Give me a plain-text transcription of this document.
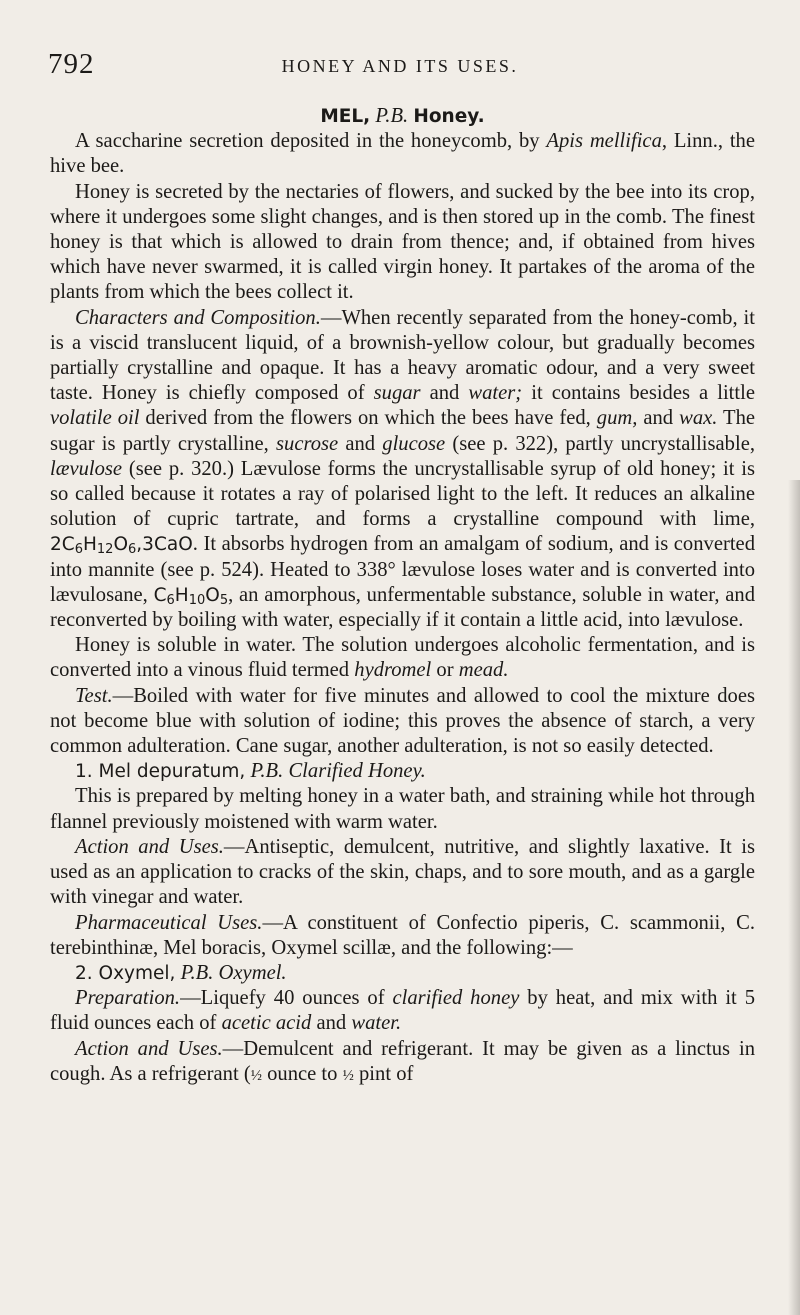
792	HONEY AND ITS USES.

MEL, P.B. Honey.

A saccharine secretion deposited in the honeycomb, by Apis mellifica, Linn., the hive bee.

Honey is secreted by the nectaries of flowers, and sucked by the bee into its crop, where it undergoes some slight changes, and is then stored up in the comb. The finest honey is that which is allowed to drain from thence; and, if obtained from hives which have never swarmed, it is called virgin honey. It partakes of the aroma of the plants from which the bees collect it.

Characters and Composition.—When recently separated from the honey-comb, it is a viscid translucent liquid, of a brownish-yellow colour, but gradually becomes partially crystalline and opaque. It has a heavy aromatic odour, and a very sweet taste. Honey is chiefly composed of sugar and water; it contains besides a little volatile oil derived from the flowers on which the bees have fed, gum, and wax. The sugar is partly crystalline, sucrose and glucose (see p. 322), partly uncrystallisable, lævulose (see p. 320.) Lævulose forms the uncrystallisable syrup of old honey; it is so called because it rotates a ray of polarised light to the left. It reduces an alkaline solution of cupric tartrate, and forms a crystalline compound with lime, $2C_6H_{12}O_6,3CaO$. It absorbs hydrogen from an amalgam of sodium, and is converted into mannite (see p. 524). Heated to 338° lævulose loses water and is converted into lævulosane, $C_6H_{10}O_5$, an amorphous, unfermentable substance, soluble in water, and reconverted by boiling with water, especially if it contain a little acid, into lævulose.

Honey is soluble in water. The solution undergoes alcoholic fermentation, and is converted into a vinous fluid termed hydromel or mead.

Test.—Boiled with water for five minutes and allowed to cool the mixture does not become blue with solution of iodine; this proves the absence of starch, a very common adulteration. Cane sugar, another adulteration, is not so easily detected.

1. Mel depuratum, P.B. Clarified Honey.

This is prepared by melting honey in a water bath, and straining while hot through flannel previously moistened with warm water.

Action and Uses.—Antiseptic, demulcent, nutritive, and slightly laxative. It is used as an application to cracks of the skin, chaps, and to sore mouth, and as a gargle with vinegar and water.

Pharmaceutical Uses.—A constituent of Confectio piperis, C. scammonii, C. terebinthinæ, Mel boracis, Oxymel scillæ, and the following:—

2. Oxymel, P.B. Oxymel.

Preparation.—Liquefy 40 ounces of clarified honey by heat, and mix with it 5 fluid ounces each of acetic acid and water.

Action and Uses.—Demulcent and refrigerant. It may be given as a linctus in cough. As a refrigerant (½ ounce to ½ pint of
